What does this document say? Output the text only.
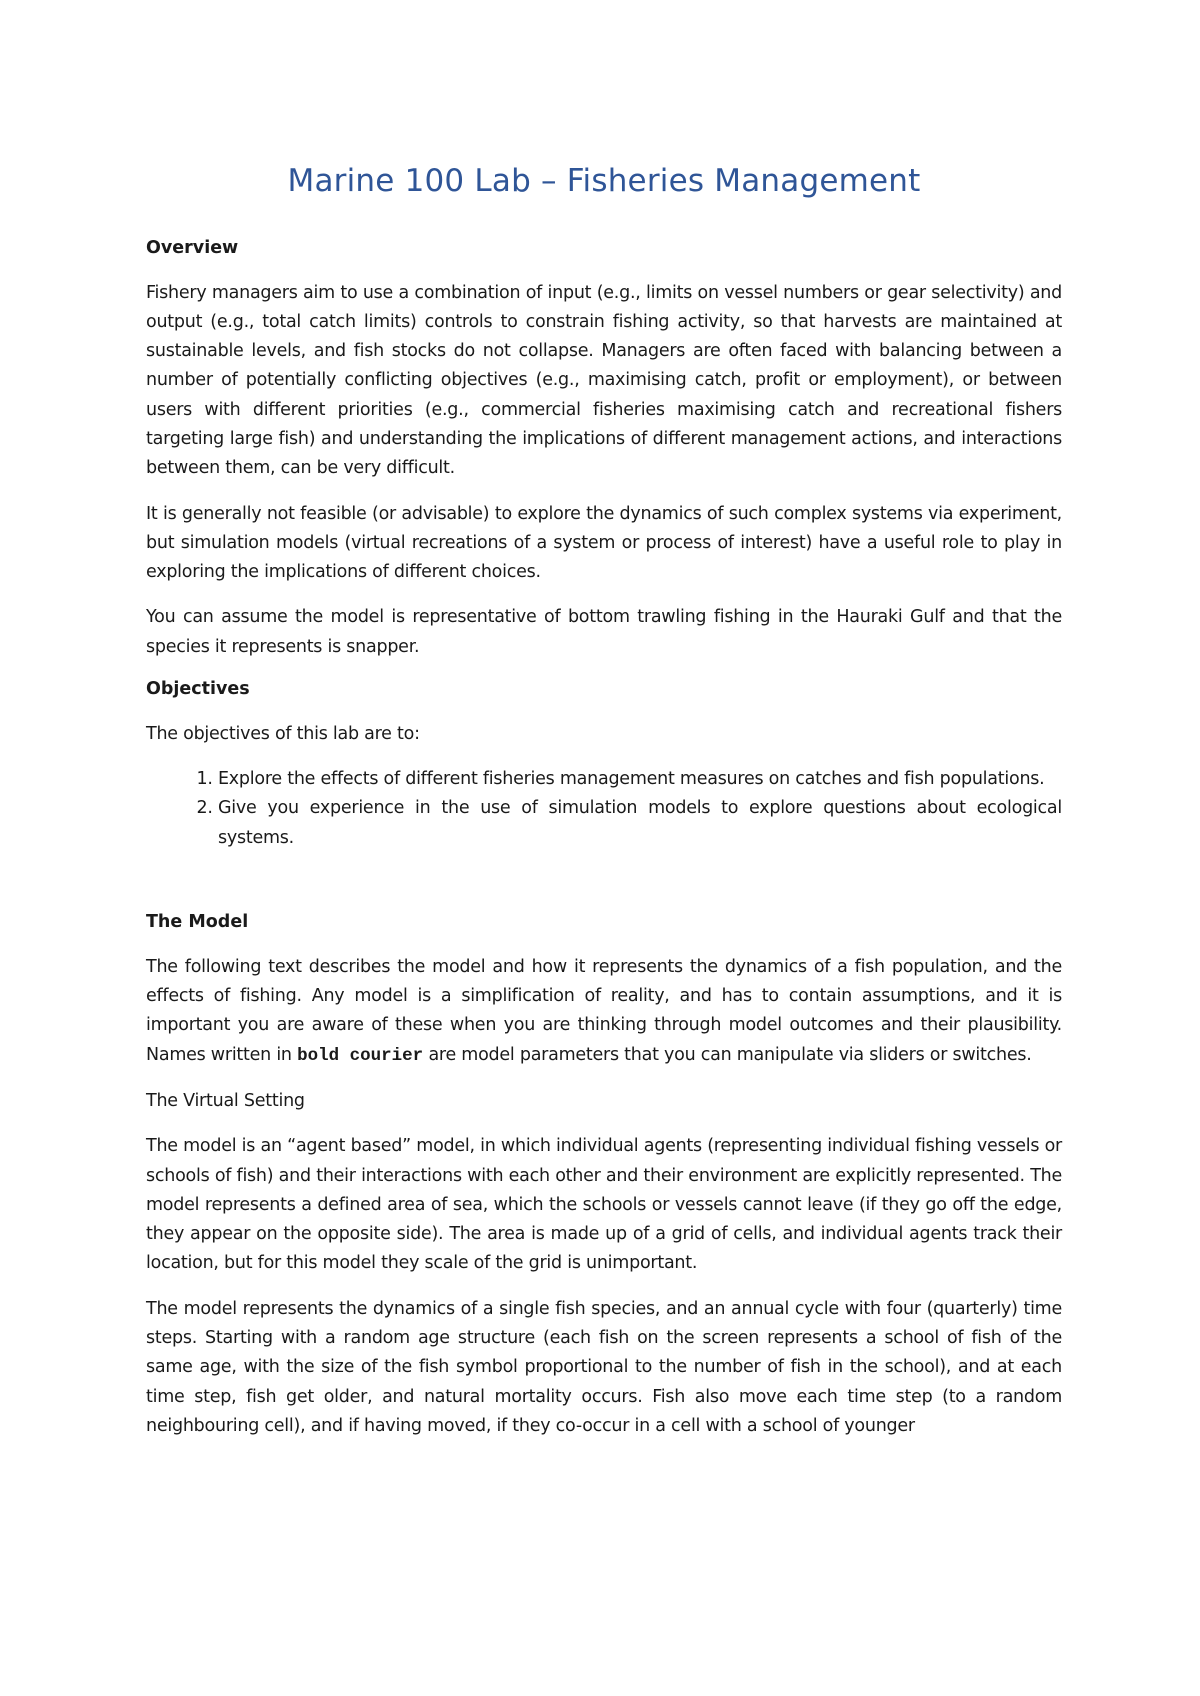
Marine 100 Lab – Fisheries Management
Overview

Fishery managers aim to use a combination of input (e.g., limits on vessel numbers or gear selectivity) and output (e.g., total catch limits) controls to constrain fishing activity, so that harvests are maintained at sustainable levels, and fish stocks do not collapse. Managers are often faced with balancing between a number of potentially conflicting objectives (e.g., maximising catch, profit or employment), or between users with different priorities (e.g., commercial fisheries maximising catch and recreational fishers targeting large fish) and understanding the implications of different management actions, and interactions between them, can be very difficult.

It is generally not feasible (or advisable) to explore the dynamics of such complex systems via experiment, but simulation models (virtual recreations of a system or process of interest) have a useful role to play in exploring the implications of different choices.

You can assume the model is representative of bottom trawling fishing in the Hauraki Gulf and that the species it represents is snapper.

Objectives

The objectives of this lab are to:

1. Explore the effects of different fisheries management measures on catches and fish populations.
2. Give you experience in the use of simulation models to explore questions about ecological systems.
The Model

The following text describes the model and how it represents the dynamics of a fish population, and the effects of fishing. Any model is a simplification of reality, and has to contain assumptions, and it is important you are aware of these when you are thinking through model outcomes and their plausibility. Names written in bold courier are model parameters that you can manipulate via sliders or switches.

The Virtual Setting

The model is an “agent based” model, in which individual agents (representing individual fishing vessels or schools of fish) and their interactions with each other and their environment are explicitly represented. The model represents a defined area of sea, which the schools or vessels cannot leave (if they go off the edge, they appear on the opposite side). The area is made up of a grid of cells, and individual agents track their location, but for this model they scale of the grid is unimportant.

The model represents the dynamics of a single fish species, and an annual cycle with four (quarterly) time steps. Starting with a random age structure (each fish on the screen represents a school of fish of the same age, with the size of the fish symbol proportional to the number of fish in the school), and at each time step, fish get older, and natural mortality occurs. Fish also move each time step (to a random neighbouring cell), and if having moved, if they co-occur in a cell with a school of younger
